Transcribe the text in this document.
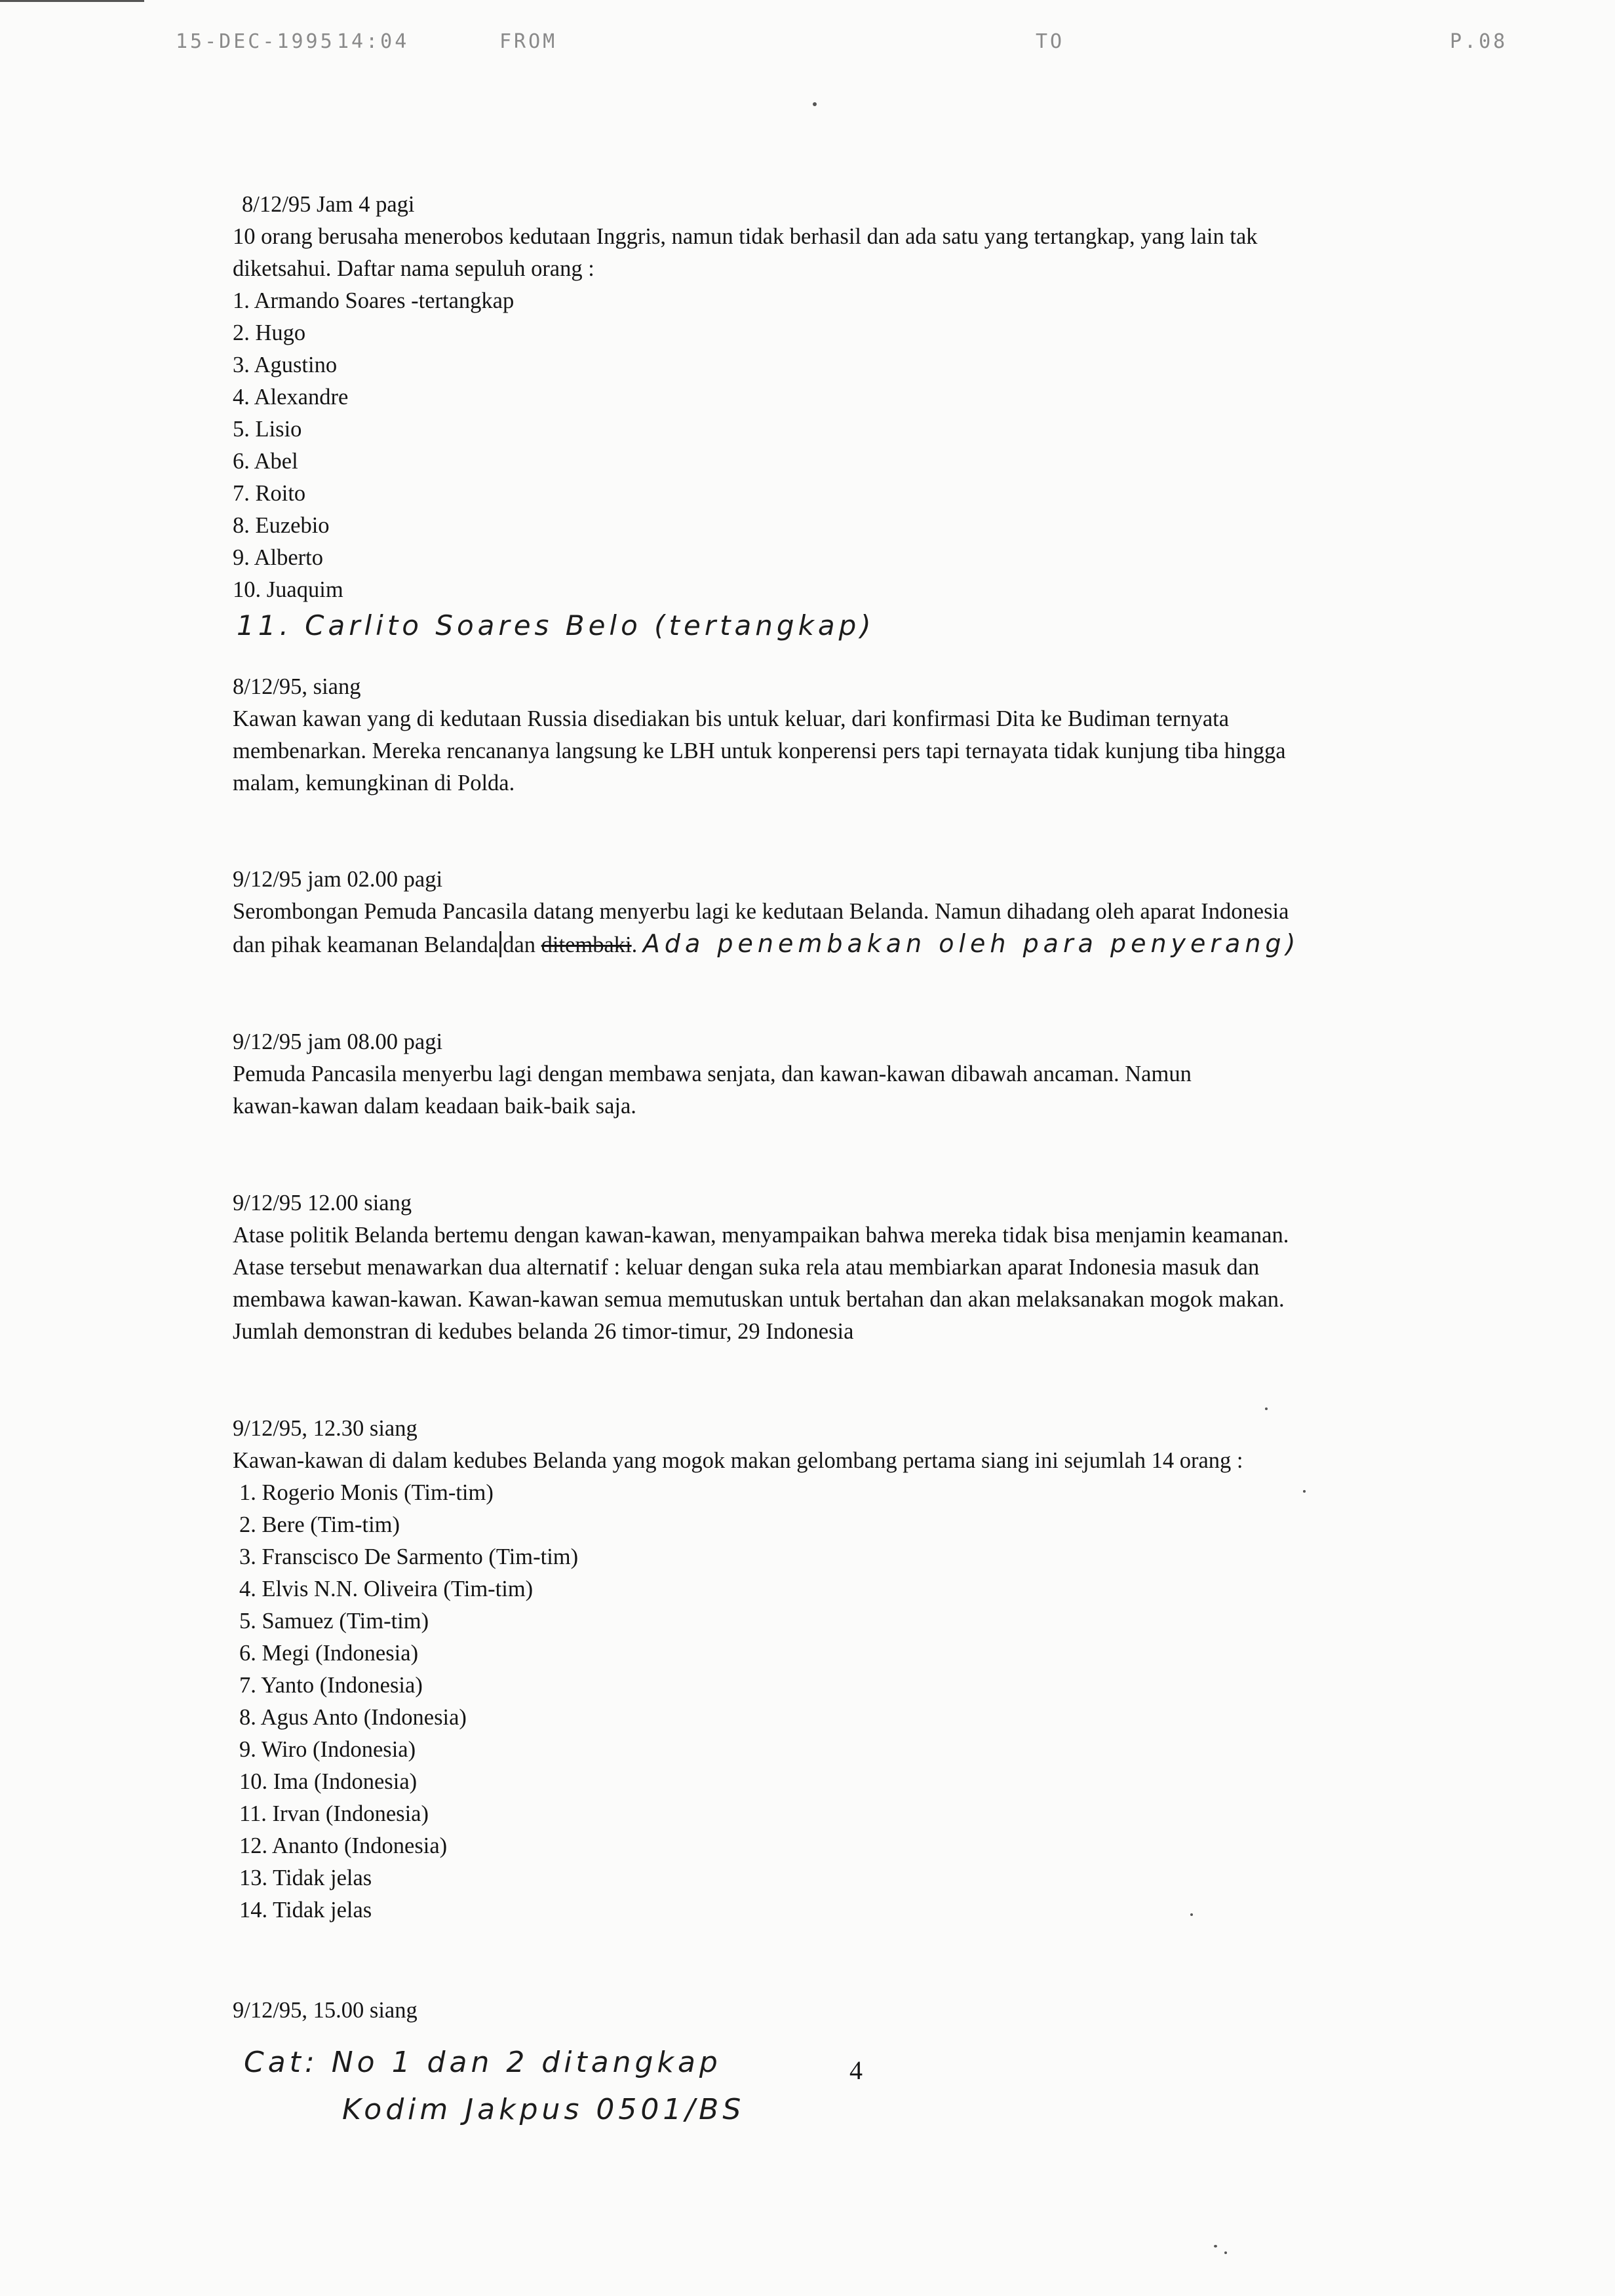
15-DEC-1995 14:04	FROM	TO	P.08
8/12/95 Jam 4 pagi
10 orang berusaha menerobos kedutaan Inggris, namun tidak berhasil dan ada satu yang tertangkap, yang lain tak
diketsahui. Daftar nama sepuluh orang :
1. Armando Soares -tertangkap
2. Hugo
3. Agustino
4. Alexandre
5. Lisio
6. Abel
7. Roito
8. Euzebio
9. Alberto
10. Juaquim
11. Carlito Soares Belo (tertangkap)
8/12/95, siang
Kawan kawan yang di kedutaan Russia disediakan bis untuk keluar, dari konfirmasi Dita ke Budiman ternyata
membenarkan. Mereka rencananya langsung ke LBH untuk konperensi pers tapi ternayata tidak kunjung tiba hingga
malam, kemungkinan di Polda.
9/12/95 jam 02.00 pagi
Serombongan Pemuda Pancasila datang menyerbu lagi ke kedutaan Belanda. Namun dihadang oleh aparat Indonesia
dan pihak keamanan Belanda dan ditembaki. Ada penembakan oleh para penyerang)
9/12/95 jam 08.00 pagi
Pemuda Pancasila menyerbu lagi dengan membawa senjata, dan kawan-kawan dibawah ancaman. Namun
kawan-kawan dalam keadaan baik-baik saja.
9/12/95 12.00 siang
Atase politik Belanda bertemu dengan kawan-kawan, menyampaikan bahwa mereka tidak bisa menjamin keamanan.
Atase tersebut menawarkan dua alternatif : keluar dengan suka rela atau membiarkan aparat Indonesia masuk dan
membawa kawan-kawan. Kawan-kawan semua memutuskan untuk bertahan dan akan melaksanakan mogok makan.
Jumlah demonstran di kedubes belanda 26 timor-timur, 29 Indonesia
9/12/95, 12.30 siang
Kawan-kawan di dalam kedubes Belanda yang mogok makan gelombang pertama siang ini sejumlah 14 orang :
1. Rogerio Monis (Tim-tim)
2. Bere (Tim-tim)
3. Franscisco De Sarmento (Tim-tim)
4. Elvis N.N. Oliveira (Tim-tim)
5. Samuez (Tim-tim)
6. Megi (Indonesia)
7. Yanto (Indonesia)
8. Agus Anto (Indonesia)
9. Wiro (Indonesia)
10. Ima (Indonesia)
11. Irvan (Indonesia)
12. Ananto (Indonesia)
13. Tidak jelas
14. Tidak jelas
9/12/95, 15.00 siang
4
Cat: No 1 dan 2 ditangkap
Kodim Jakpus 0501/BS
